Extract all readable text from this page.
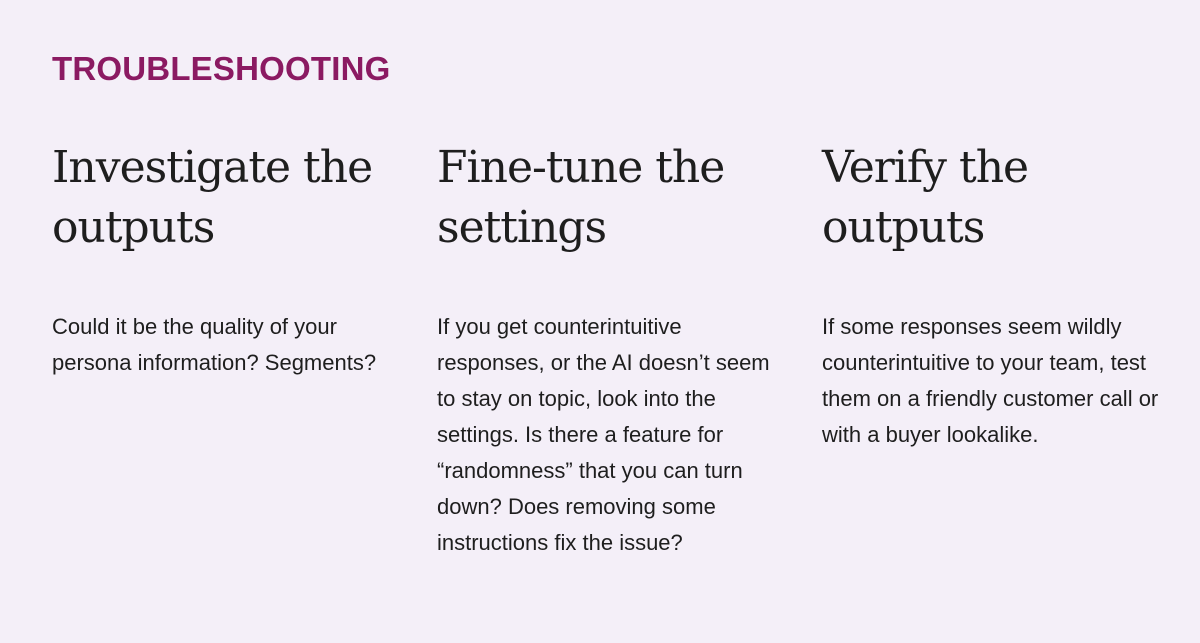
TROUBLESHOOTING
Investigate the outputs

Could it be the quality of your persona information? Segments?

Fine-tune the settings

If you get counterintuitive responses, or the AI doesn’t seem to stay on topic, look into the settings. Is there a feature for “randomness” that you can turn down? Does removing some instructions fix the issue?

Verify the outputs

If some responses seem wildly counterintuitive to your team, test them on a friendly customer call or with a buyer lookalike.
